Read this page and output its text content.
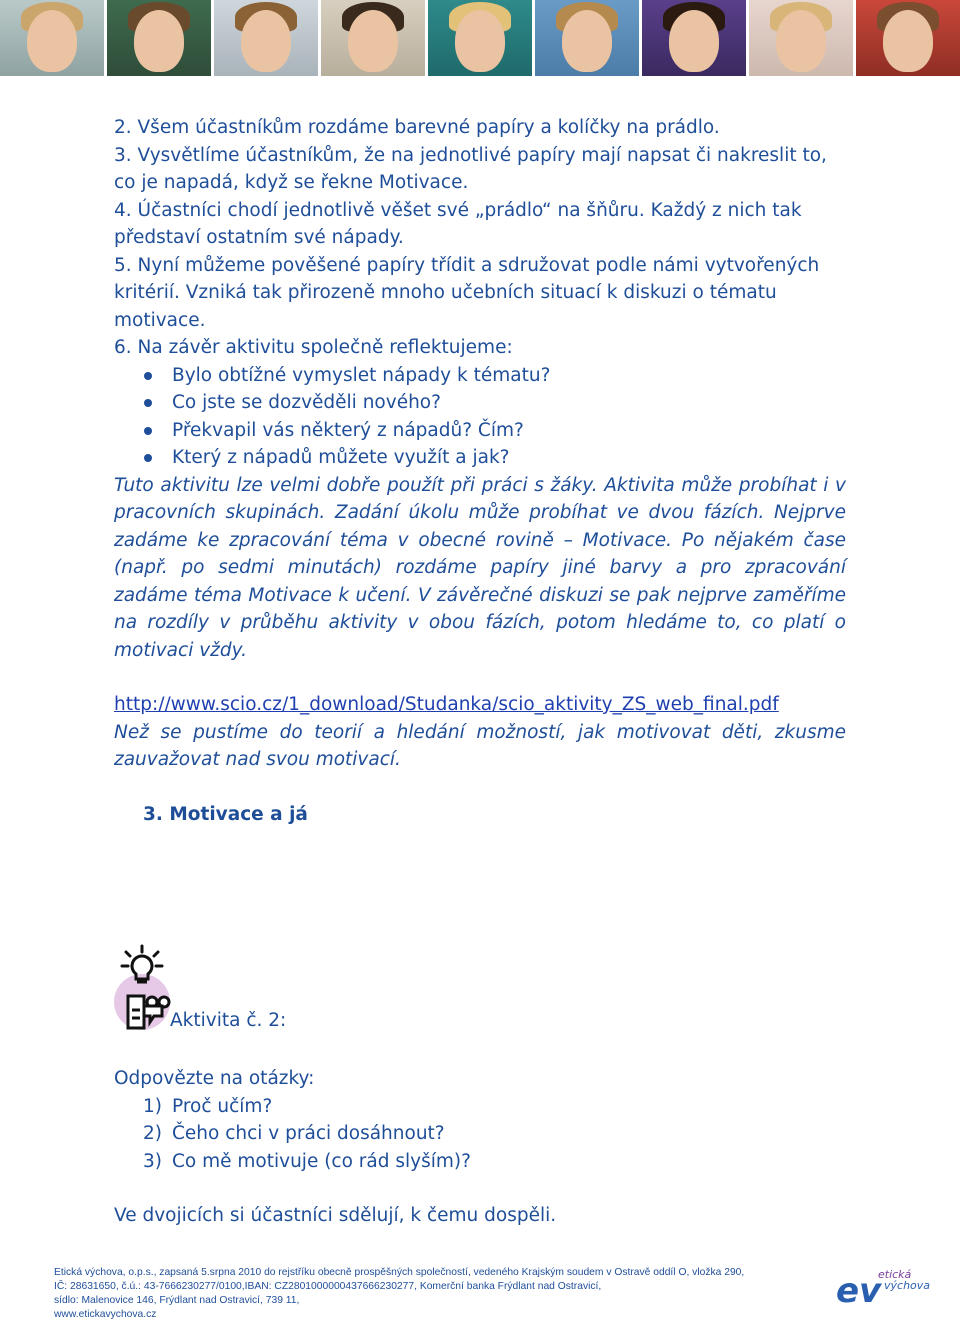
2. Všem účastníkům rozdáme barevné papíry a kolíčky na prádlo.

3. Vysvětlíme účastníkům, že na jednotlivé papíry mají napsat či nakreslit to, co je napadá, když se řekne Motivace.

4. Účastníci chodí jednotlivě věšet své „prádlo“ na šňůru. Každý z nich tak představí ostatním své nápady.

5. Nyní můžeme pověšené papíry třídit a sdružovat podle námi vytvořených kritérií. Vzniká tak přirozeně mnoho učebních situací k diskuzi o tématu motivace.

6. Na závěr aktivitu společně reflektujeme:

Bylo obtížné vymyslet nápady k tématu?
Co jste se dozvěděli nového?
Překvapil vás některý z nápadů? Čím?
Který z nápadů můžete využít a jak?

Tuto aktivitu lze velmi dobře použít při práci s žáky. Aktivita může probíhat i v pracovních skupinách. Zadání úkolu může probíhat ve dvou fázích. Nejprve zadáme ke zpracování téma v obecné rovině – Motivace. Po nějakém čase (např. po sedmi minutách) rozdáme papíry jiné barvy a pro zpracování zadáme téma Motivace k učení. V závěrečné diskuzi se pak nejprve zaměříme na rozdíly v průběhu aktivity v obou fázích, potom hledáme to, co platí o motivaci vždy.

http://www.scio.cz/1_download/Studanka/scio_aktivity_ZS_web_final.pdf

Než se pustíme do teorií a hledání možností, jak motivovat děti, zkusme zauvažovat nad svou motivací.

3. Motivace a já
Aktivita č. 2:

Odpovězte na otázky:

1) Proč učím?
2) Čeho chci v práci dosáhnout?
3) Co mě motivuje (co rád slyším)?

Ve dvojicích si účastníci sdělují, k čemu dospěli.

Etická výchova, o.p.s., zapsaná 5.srpna 2010 do rejstříku obecně prospěšných společností, vedeného Krajským soudem v Ostravě oddíl O, vložka 290,
IČ: 28631650, č.ú.: 43-7666230277/0100,IBAN: CZ2801000000437666230277, Komerční banka Frýdlant nad Ostravicí,
sídlo: Malenovice 146, Frýdlant nad Ostravicí, 739 11,
www.etickavychova.cz
ev
etická
výchova
